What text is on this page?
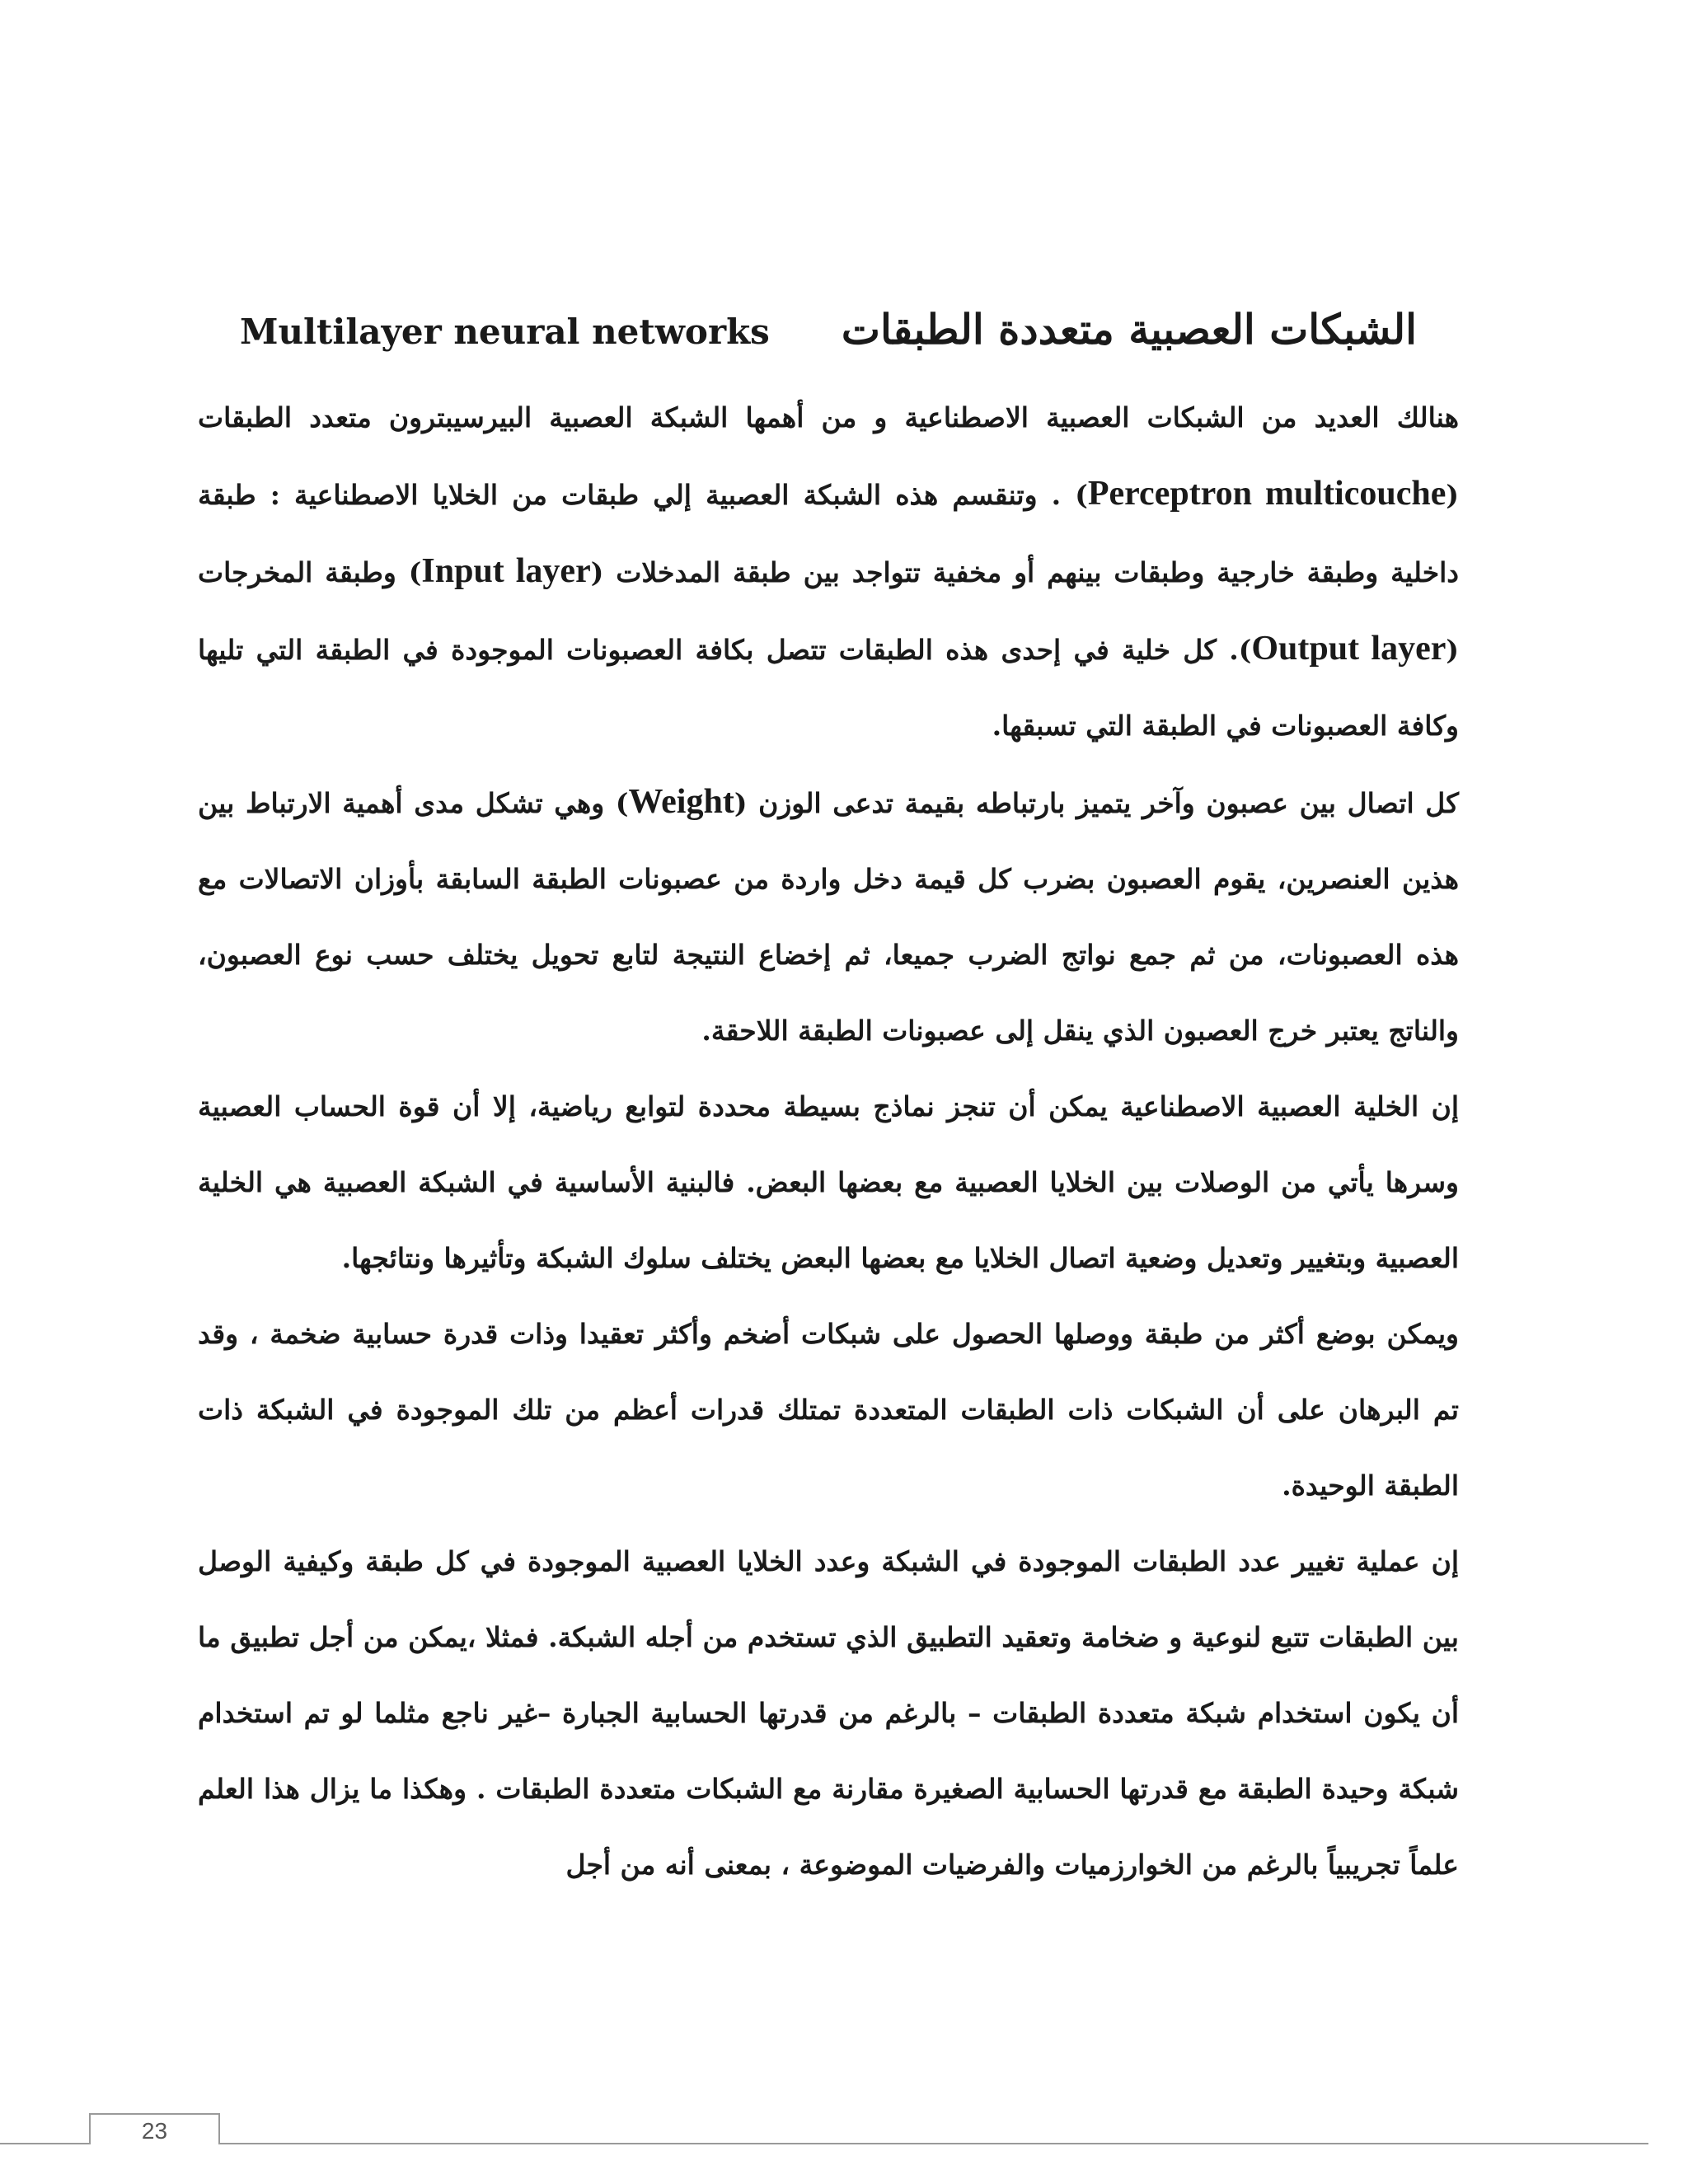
الشبكات العصبية متعددة الطبقات     Multilayer neural networks

هنالك العديد من الشبكات العصبية الاصطناعية و من أهمها الشبكة العصبية البيرسيبترون متعدد الطبقات (Perceptron multicouche) . وتنقسم هذه الشبكة العصبية إلي طبقات من الخلايا الاصطناعية : طبقة داخلية وطبقة خارجية وطبقات بينهم أو مخفية تتواجد بين طبقة المدخلات (Input layer) وطبقة المخرجات (Output layer). كل خلية في إحدى هذه الطبقات تتصل بكافة العصبونات الموجودة في الطبقة التي تليها وكافة العصبونات في الطبقة التي تسبقها.

كل اتصال بين عصبون وآخر يتميز بارتباطه بقيمة تدعى الوزن (Weight) وهي تشكل مدى أهمية الارتباط بين هذين العنصرين، يقوم العصبون بضرب كل قيمة دخل واردة من عصبونات الطبقة السابقة بأوزان الاتصالات مع هذه العصبونات، من ثم جمع نواتج الضرب جميعا، ثم إخضاع النتيجة لتابع تحويل يختلف حسب نوع العصبون، والناتج يعتبر خرج العصبون الذي ينقل إلى عصبونات الطبقة اللاحقة.

إن الخلية العصبية الاصطناعية يمكن أن تنجز نماذج بسيطة محددة لتوابع رياضية، إلا أن قوة الحساب العصبية وسرها يأتي من الوصلات بين الخلايا العصبية مع بعضها البعض. فالبنية الأساسية في الشبكة العصبية هي الخلية العصبية وبتغيير وتعديل وضعية اتصال الخلايا مع بعضها البعض يختلف سلوك الشبكة وتأثيرها ونتائجها.

ويمكن بوضع أكثر من طبقة ووصلها الحصول على شبكات أضخم وأكثر تعقيدا وذات قدرة حسابية ضخمة ، وقد تم البرهان على أن الشبكات ذات الطبقات المتعددة تمتلك قدرات أعظم من تلك الموجودة في الشبكة ذات الطبقة الوحيدة.

إن عملية تغيير عدد الطبقات الموجودة في الشبكة وعدد الخلايا العصبية الموجودة في كل طبقة وكيفية الوصل بين الطبقات تتبع لنوعية و ضخامة وتعقيد التطبيق الذي تستخدم من أجله الشبكة. فمثلا ،يمكن من أجل تطبيق ما أن يكون استخدام شبكة متعددة الطبقات – بالرغم من قدرتها الحسابية الجبارة –غير ناجع مثلما لو تم استخدام شبكة وحيدة الطبقة مع قدرتها الحسابية الصغيرة مقارنة مع الشبكات متعددة الطبقات . وهكذا ما يزال هذا العلم علماً تجريبياً بالرغم من الخوارزميات والفرضيات الموضوعة ، بمعنى أنه من أجل

23
